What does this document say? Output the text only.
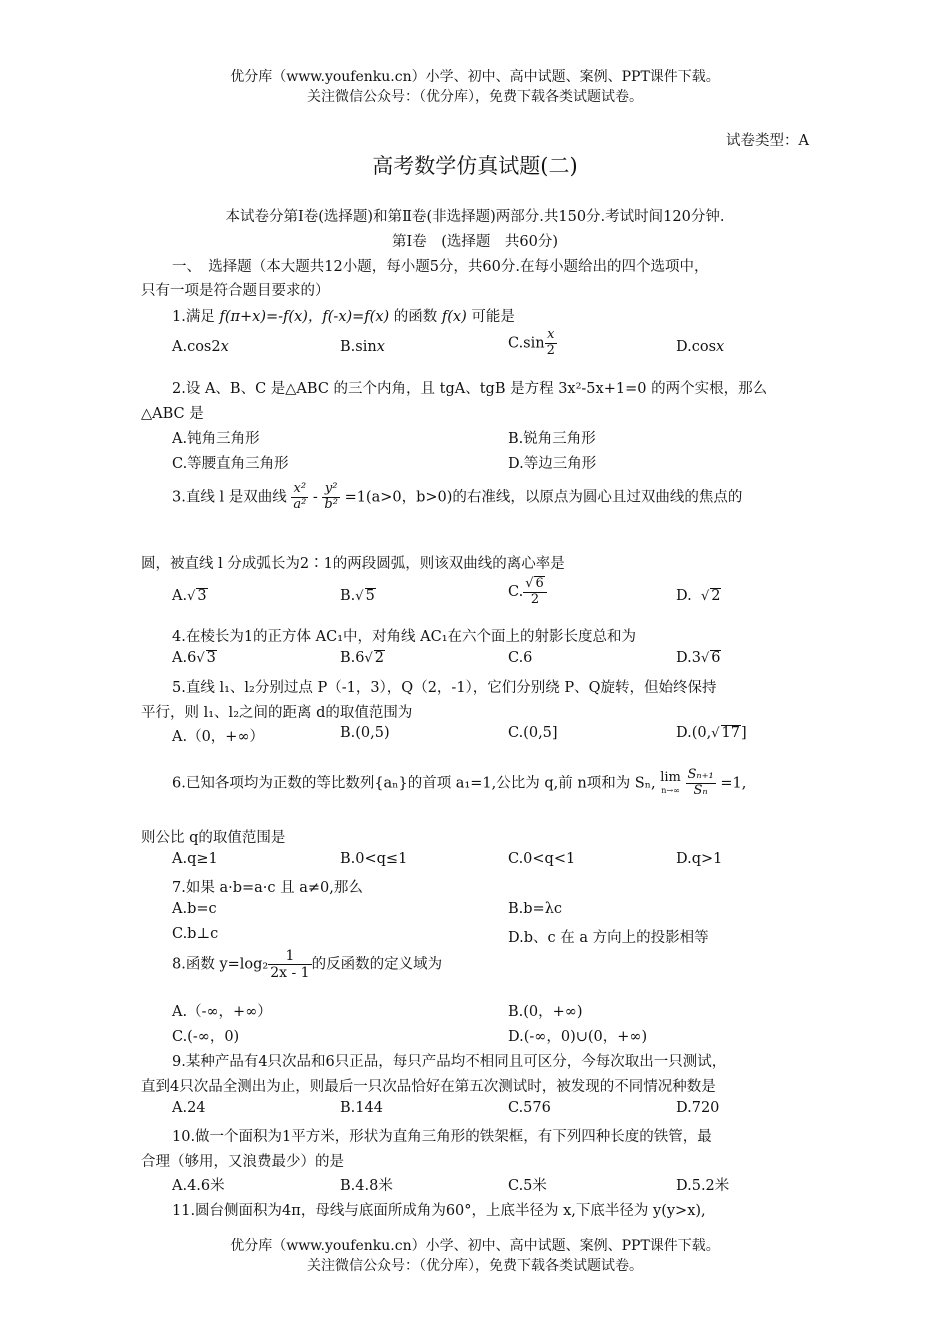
优分库（www.youfenku.cn）小学、初中、高中试题、案例、PPT课件下载。
关注微信公众号：（优分库），免费下载各类试题试卷。
试卷类型：A
高考数学仿真试题(二)
本试卷分第Ⅰ卷(选择题)和第Ⅱ卷(非选择题)两部分.共150分.考试时间120分钟.
第Ⅰ卷　(选择题　共60分)
一、　选择题（本大题共12小题，每小题5分，共60分.在每小题给出的四个选项中，
只有一项是符合题目要求的）
1.满足 f(π+x)=-f(x)，f(-x)=f(x) 的函数 f(x) 可能是
A.cos2x	B.sinx	$C.\sin \frac{x}{2}$	D.cosx
2.设 A、B、C 是△ABC 的三个内角，且 tgA、tgB 是方程 3x²-5x+1=0 的两个实根，那么
△ABC 是
A.钝角三角形	B.锐角三角形
C.等腰直角三角形	D.等边三角形
3.直线 l 是双曲线 $\frac{\text{x²}}{\text{a²}} - \frac{\text{y²}}{\text{b²}} =1(a>0$，b>0)的右准线，以原点为圆心且过双曲线的焦点的
圆，被直线 l 分成弧长为2∶1的两段圆弧，则该双曲线的离心率是
A. √ 3	B. √ 5	C. √ $\frac{6}{2}$	D. √ 2
4.在棱长为1的正方体 AC₁中，对角线 AC₁在六个面上的射影长度总和为
A.6 √ 3	B.6 √ 2	C.6	D.3 √ 6
5.直线 l₁、l₂分别过点 P（-1，3），Q（2，-1），它们分别绕 P、Q旋转，但始终保持
平行，则 l₁、l₂之间的距离 d的取值范围为
A.（0，+∞）	B.(0,5)	C.(0,5]	D.(0, √ 17]
6.已知各项均为正数的等比数列{aₙ}的首项 a₁=1,公比为 q,前 n项和为 Sₙ, lim
n→∞
$\frac{\text{Sₙ₊₁}}{\text{Sₙ}} =1$,
则公比 q的取值范围是
A.q≥1	B.0<q≤1	C.0<q<1	D.q>1
7.如果 a·b=a·c 且 a≠0,那么
A.b=c	B.b=λc
C.b⊥c	D.b、c 在 a 方向上的投影相等
8.函数 $y=\log_2 \frac{1}{2x - 1}$ 的反函数的定义域为
A.（-∞，+∞）	B.(0，+∞)
C.(-∞，0)	D.(-∞，0)∪(0，+∞)
9.某种产品有4只次品和6只正品，每只产品均不相同且可区分，今每次取出一只测试，
直到4只次品全测出为止，则最后一只次品恰好在第五次测试时，被发现的不同情况种数是
A.24	B.144	C.576	D.720
10.做一个面积为1平方米，形状为直角三角形的铁架框，有下列四种长度的铁管，最
合理（够用，又浪费最少）的是
A.4.6米	B.4.8米	C.5米	D.5.2米
11.圆台侧面积为4π，母线与底面所成角为60°，上底半径为 x,下底半径为 y(y>x),
优分库（www.youfenku.cn）小学、初中、高中试题、案例、PPT课件下载。
关注微信公众号：（优分库），免费下载各类试题试卷。
